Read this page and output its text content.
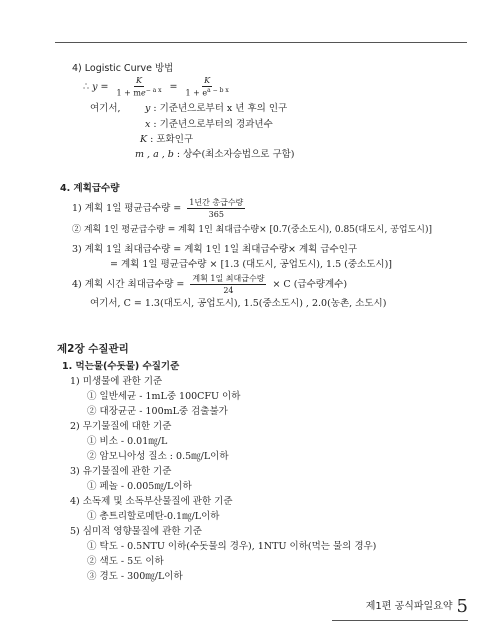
4) Logistic Curve 방법
∴ $y = \frac{K}{1 + me^{- a x}} = \frac{K}{1 + e^{a - b x}}$
여기서,	y : 기준년으로부터 x 년 후의 인구
x : 기준년으로부터의 경과년수
K : 포화인구
m , a , b : 상수(최소자승법으로 구함)
4. 계획급수량
1) 계획 1일 평균급수량 = $\frac{\text{1년간 총급수량}}{365}$
② 계획 1인 평균급수량 = 계획 1인 최대급수량× [0.7(중소도시), 0.85(대도시, 공업도시)]
3) 계획 1일 최대급수량 = 계획 1인 1일 최대급수량× 계획 급수인구
= 계획 1일 평균급수량 × [1.3 (대도시, 공업도시), 1.5 (중소도시)]
4) 계획 시간 최대급수량 = $\frac{\text{계획 1일 최대급수량}}{24} \times C$ (급수량계수)
여기서, C = 1.3(대도시, 공업도시), 1.5(중소도시) , 2.0(농촌, 소도시)
제2장 수질관리
1. 먹는물(수돗물) 수질기준
1) 미생물에 관한 기준
① 일반세균 - 1mL중 100CFU 이하
② 대장균군 - 100mL중 검출불가
2) 무기물질에 대한 기준
① 비소 - 0.01㎎/L
② 암모니아성 질소 : 0.5㎎/L이하
3) 유기물질에 관한 기준
① 페놀 - 0.005㎎/L이하
4) 소독제 및 소독부산물질에 관한 기준
① 총트리할로메탄-0.1㎎/L이하
5) 심미적 영향물질에 관한 기준
① 탁도 - 0.5NTU 이하(수돗물의 경우), 1NTU 이하(먹는 물의 경우)
② 색도 - 5도 이하
③ 경도 - 300㎎/L이하
제1편 공식파일요약 5
